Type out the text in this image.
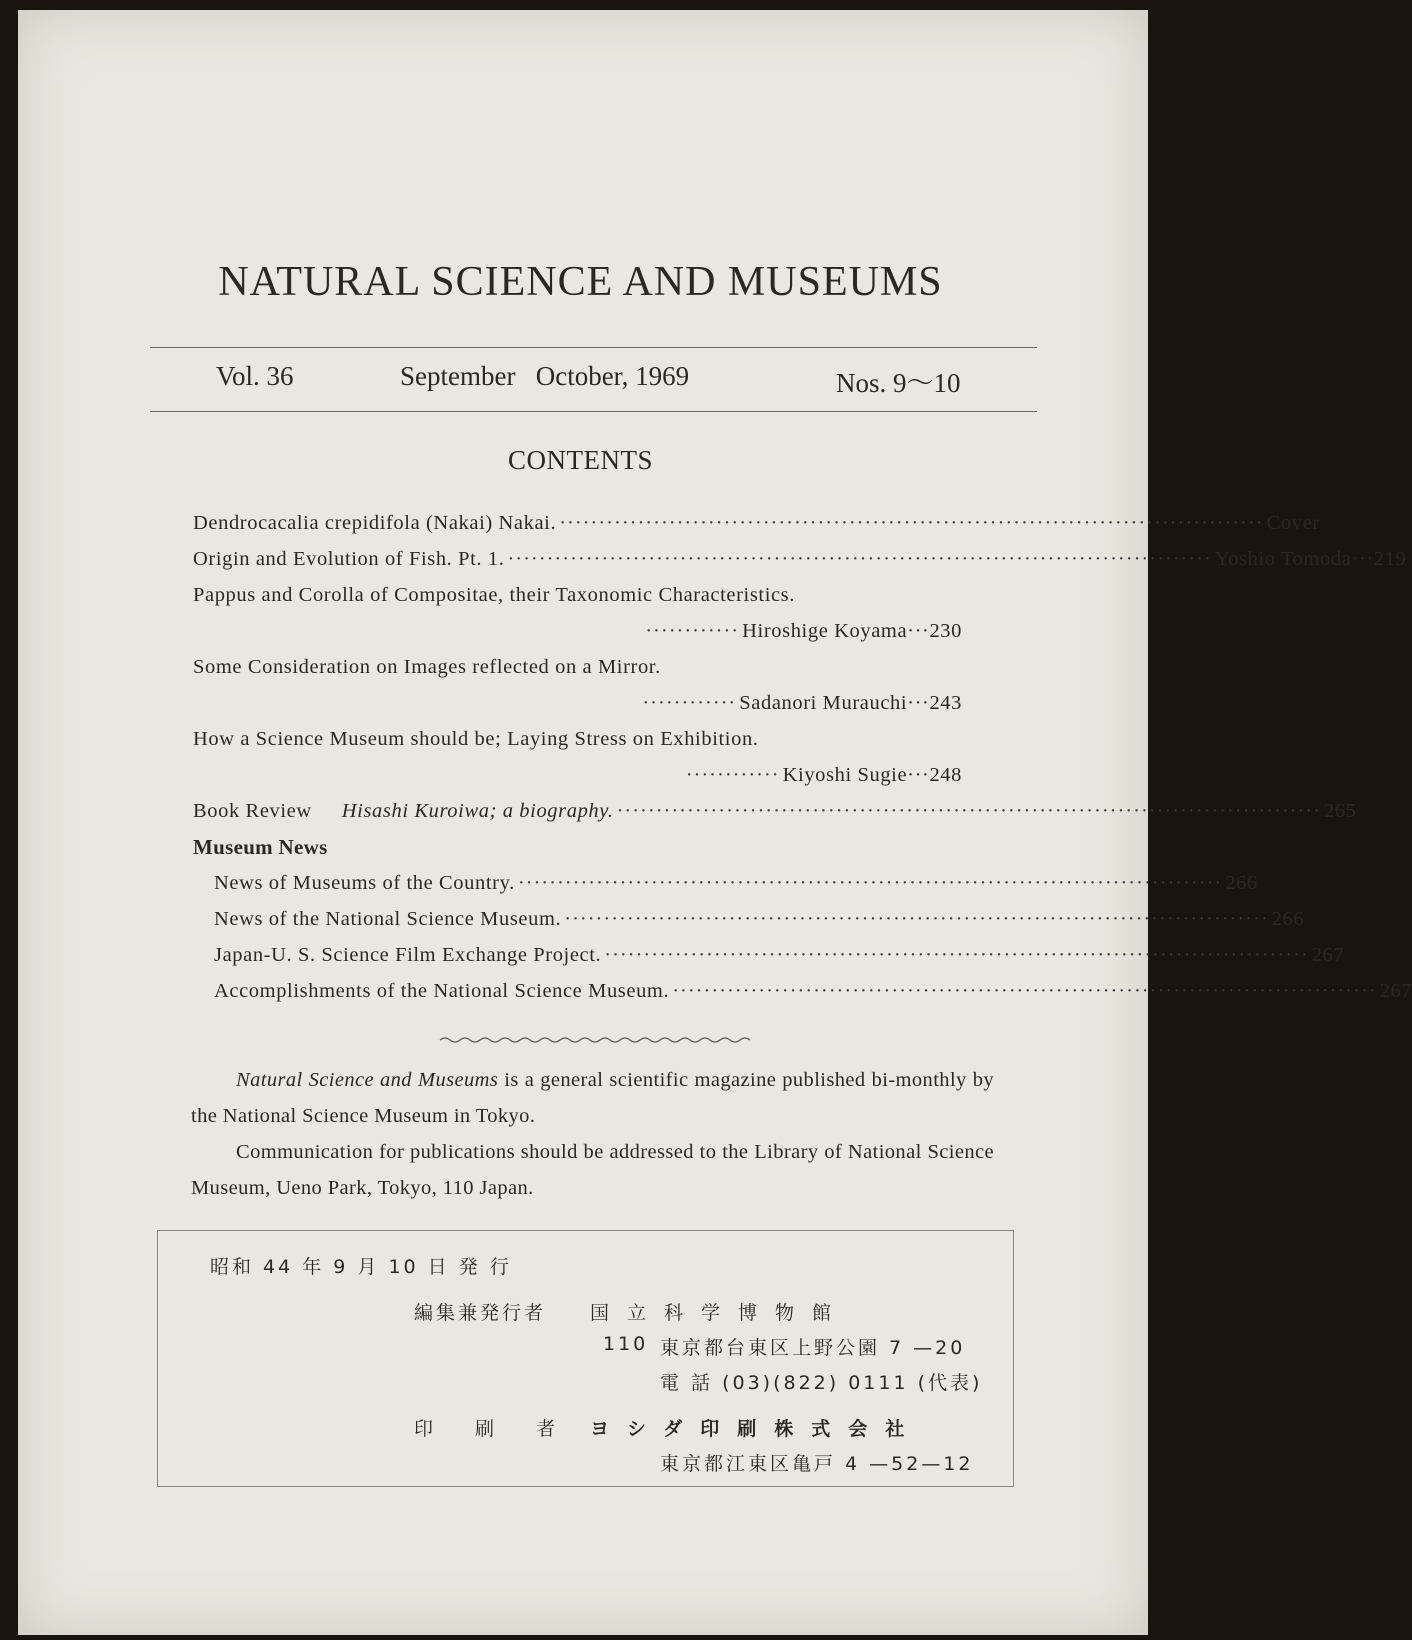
NATURAL SCIENCE AND MUSEUMS
Vol. 36	September   October, 1969	Nos. 9～10
CONTENTS
Dendrocacalia crepidifola (Nakai) Nakai. ·························································································· Cover
Origin and Evolution of Fish. Pt. 1. ·························································································· Yoshio Tomoda···219
Pappus and Corolla of Compositae, their Taxonomic Characteristics.
············ Hiroshige Koyama···230
Some Consideration on Images reflected on a Mirror.
············ Sadanori Murauchi···243
How a Science Museum should be; Laying Stress on Exhibition.
············ Kiyoshi Sugie···248
Book Review Hisashi Kuroiwa; a biography. ·························································································· 265
Museum News
News of Museums of the Country. ·························································································· 266
News of the National Science Museum. ·························································································· 266
Japan-U. S. Science Film Exchange Project. ·························································································· 267
Accomplishments of the National Science Museum. ·························································································· 267

Natural Science and Museums is a general scientific magazine published bi-monthly by the National Science Museum in Tokyo.

Communication for publications should be addressed to the Library of National Science Museum, Ueno Park, Tokyo, 110 Japan.

昭和 44 年 9 月 10 日 発 行
編集兼発行者 国立科学博物館
110 東京都台東区上野公園 7 —20
電 話 (03)(822) 0111 (代表)
印 刷 者 ヨシダ印刷株式会社
東京都江東区亀戸 4 —52—12
